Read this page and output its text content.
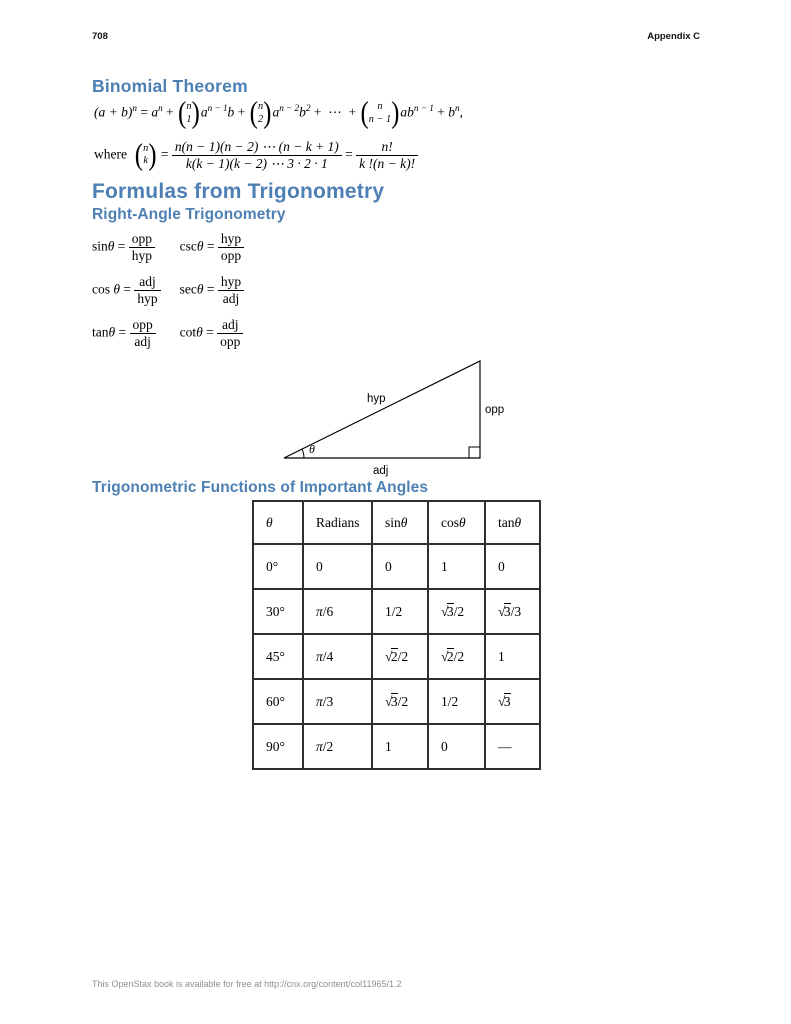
708	Appendix C
Binomial Theorem
$(a + b)^n = a^n$ + ( n
1 ) $a^{n - 1}b$ + ( n
2 ) $a^{n - 2}b^2$ +  ⋯  + ( n
n − 1 ) $ab^{n - 1} + b^n$,
where ( n
k ) = $\frac{n(n - 1)(n - 2) \cdots (n - k + 1)}{k(k - 1)(k - 2) \cdots 3 \cdot 2 \cdot 1} = \frac{n!}{k !(n - k)!}$
Formulas from Trigonometry
Right-Angle Trigonometry
$\sin\theta = \frac{\text{opp}}{\text{hyp}}$ $\csc\theta = \frac{\text{hyp}}{\text{opp}}$
$\cos \theta = \frac{\text{adj}}{\text{hyp}}$ $\sec\theta = \frac{\text{hyp}}{\text{adj}}$
$\tan\theta = \frac{\text{opp}}{\text{adj}}$ $\cot\theta = \frac{\text{adj}}{\text{opp}}$
hyp
opp
adj
θ
Trigonometric Functions of Important Angles
θ	Radians	sinθ	cosθ	tanθ
0°	0	0	1	0
30°	π/6	1/2	√3/2	√3/3
45°	π/4	√2/2	√2/2	1
60°	π/3	√3/2	1/2	√3
90°	π/2	1	0	—
This OpenStax book is available for free at http://cnx.org/content/col11965/1.2
